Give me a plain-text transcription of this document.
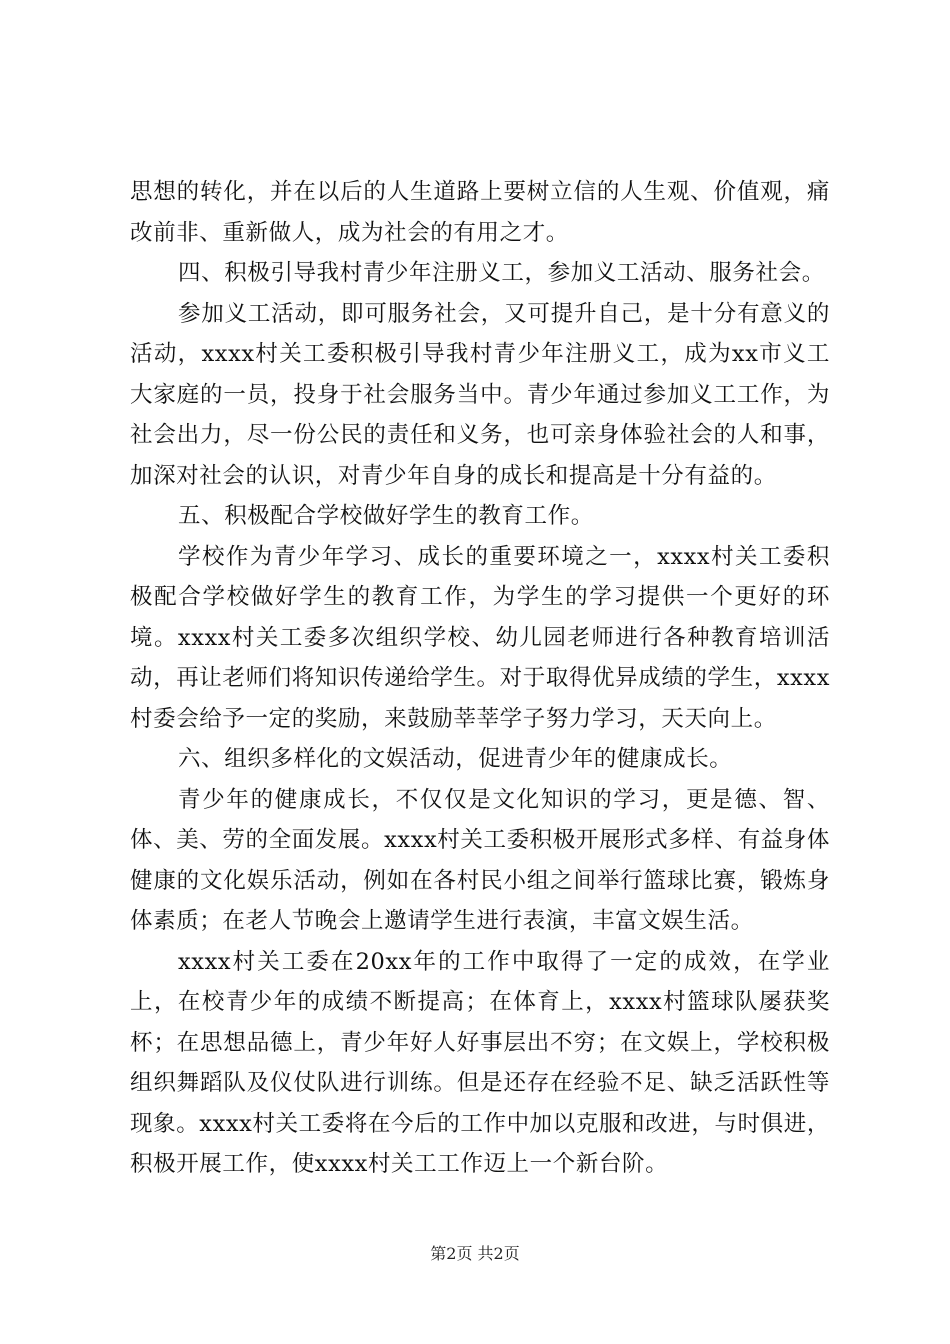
思想的转化，并在以后的人生道路上要树立信的人生观、价值观，痛改前非、重新做人，成为社会的有用之才。

四、积极引导我村青少年注册义工，参加义工活动、服务社会。

参加义工活动，即可服务社会，又可提升自己，是十分有意义的活动，xxxx村关工委积极引导我村青少年注册义工，成为xx市义工大家庭的一员，投身于社会服务当中。青少年通过参加义工工作，为社会出力，尽一份公民的责任和义务，也可亲身体验社会的人和事，加深对社会的认识，对青少年自身的成长和提高是十分有益的。

五、积极配合学校做好学生的教育工作。

学校作为青少年学习、成长的重要环境之一，xxxx村关工委积极配合学校做好学生的教育工作，为学生的学习提供一个更好的环境。xxxx村关工委多次组织学校、幼儿园老师进行各种教育培训活动，再让老师们将知识传递给学生。对于取得优异成绩的学生，xxxx村委会给予一定的奖励，来鼓励莘莘学子努力学习，天天向上。

六、组织多样化的文娱活动，促进青少年的健康成长。

青少年的健康成长，不仅仅是文化知识的学习，更是德、智、体、美、劳的全面发展。xxxx村关工委积极开展形式多样、有益身体健康的文化娱乐活动，例如在各村民小组之间举行篮球比赛，锻炼身体素质；在老人节晚会上邀请学生进行表演，丰富文娱生活。

xxxx村关工委在20xx年的工作中取得了一定的成效，在学业上，在校青少年的成绩不断提高；在体育上，xxxx村篮球队屡获奖杯；在思想品德上，青少年好人好事层出不穷；在文娱上，学校积极组织舞蹈队及仪仗队进行训练。但是还存在经验不足、缺乏活跃性等现象。xxxx村关工委将在今后的工作中加以克服和改进，与时俱进，积极开展工作，使xxxx村关工工作迈上一个新台阶。

第2页 共2页
